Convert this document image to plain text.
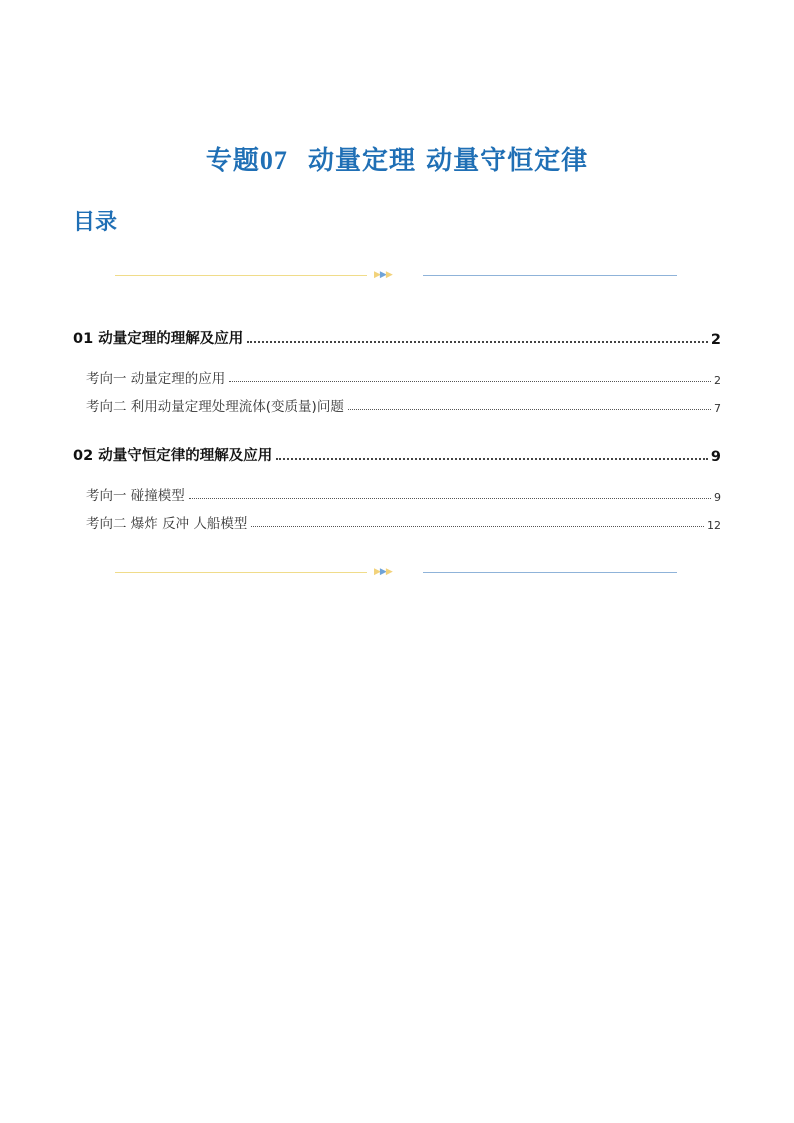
专题07 动量定理 动量守恒定律
目录
▶▶▶
01 动量定理的理解及应用	2
考向一 动量定理的应用	2
考向二 利用动量定理处理流体(变质量)问题	7
02 动量守恒定律的理解及应用	9
考向一 碰撞模型	9
考向二 爆炸 反冲 人船模型	12
▶▶▶
